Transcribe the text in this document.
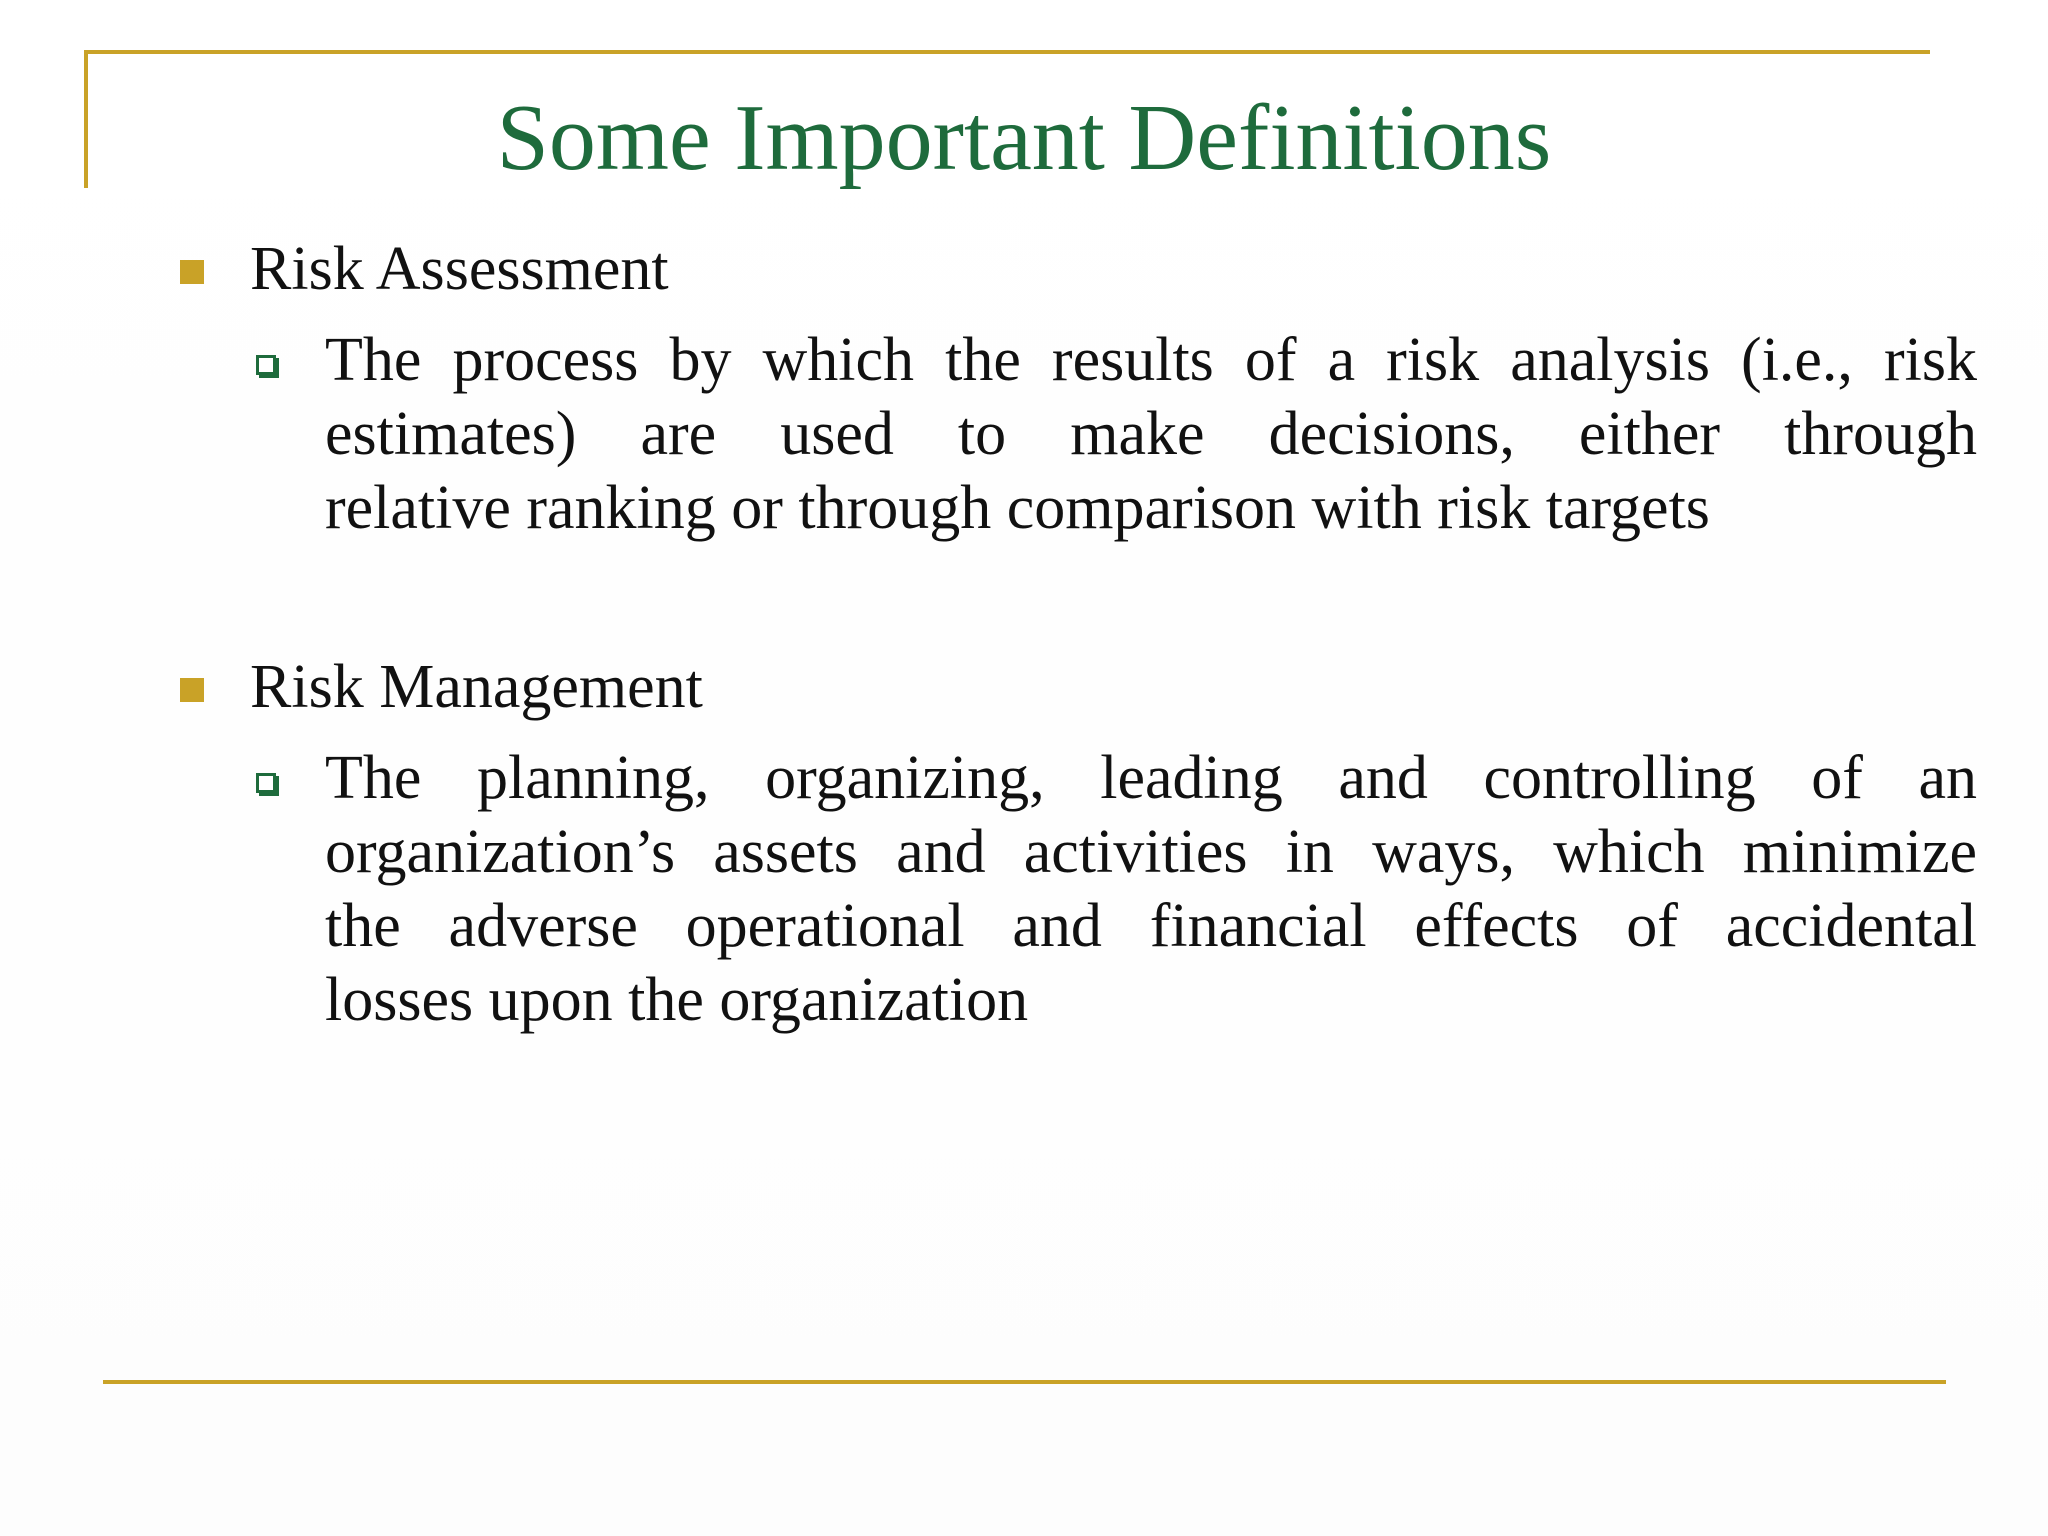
Some Important Definitions
Risk Assessment
The process by which the results of a risk analysis (i.e., risk
estimates) are used to make decisions, either through
relative ranking or through comparison with risk targets
Risk Management
The planning, organizing, leading and controlling of an
organization’s assets and activities in ways, which minimize
the adverse operational and financial effects of accidental
losses upon the organization
